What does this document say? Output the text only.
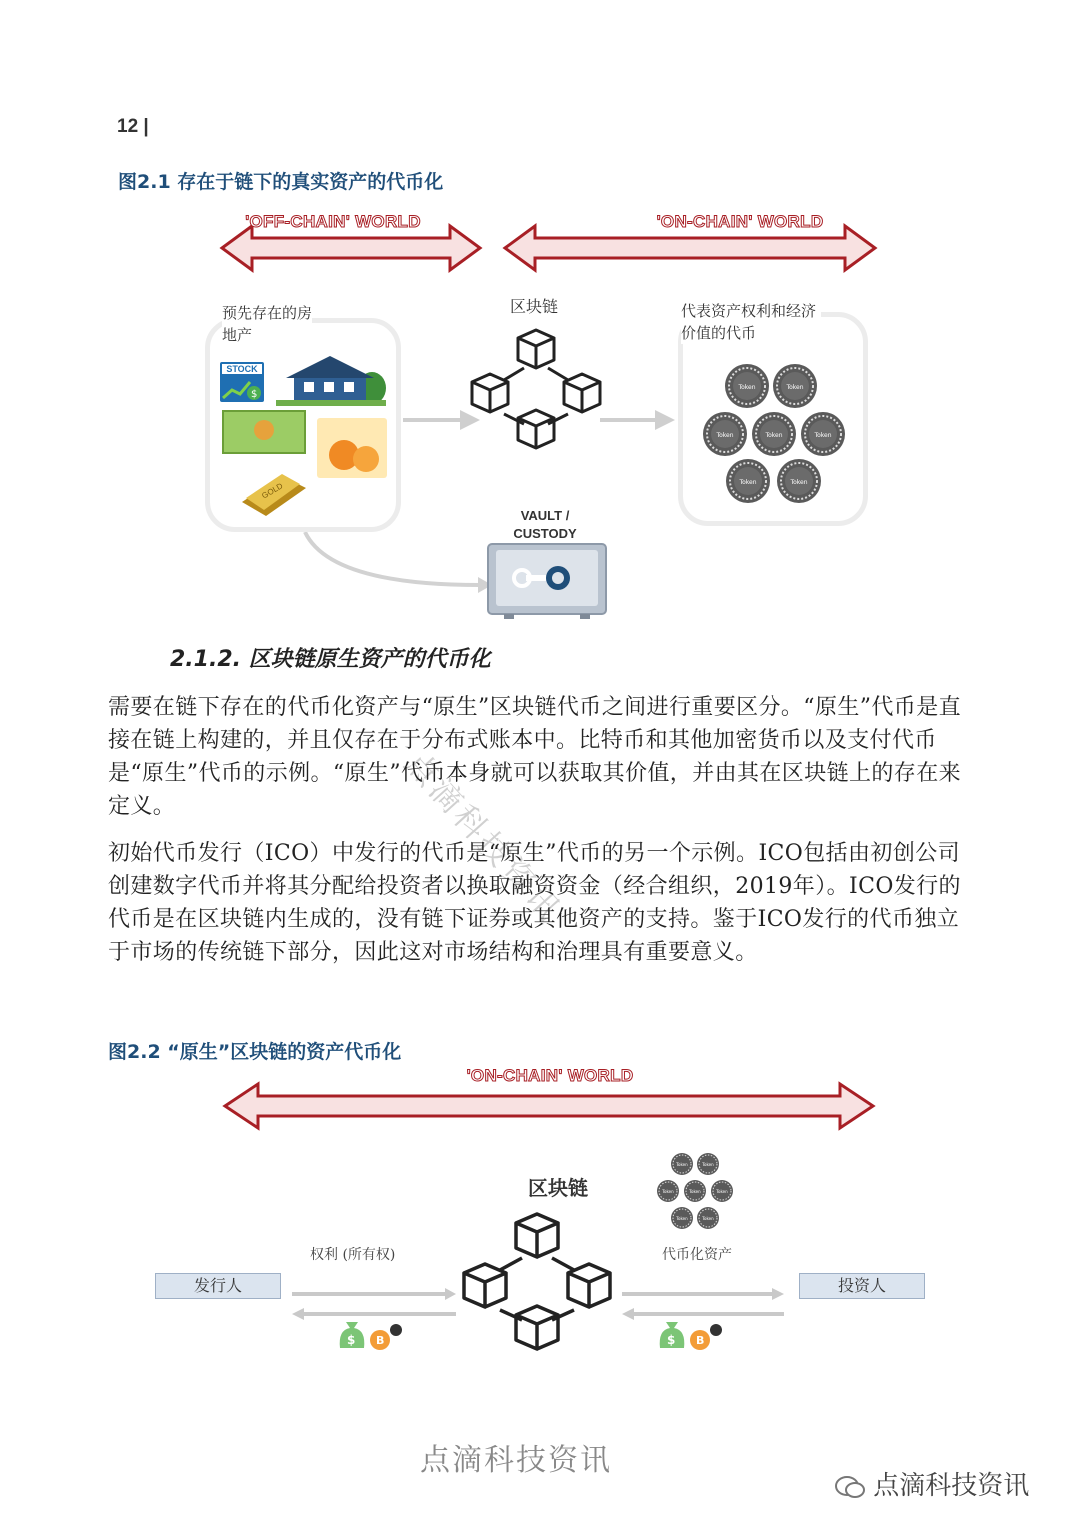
12 |
图2.1 存在于链下的真实资产的代币化
'OFF-CHAIN' WORLD	'ON-CHAIN' WORLD
预先存在的房地产
STOCK
$
GOLD
区块链	代表资产权利和经济价值的代币
Token	Token
Token	Token	Token
Token	Token
VAULT /
CUSTODY
2.1.2. 区块链原生资产的代币化
点滴科技资讯

需要在链下存在的代币化资产与“原生”区块链代币之间进行重要区分。“原生”代币是直接在链上构建的，并且仅存在于分布式账本中。比特币和其他加密货币以及支付代币是“原生”代币的示例。“原生”代币本身就可以获取其价值，并由其在区块链上的存在来定义。

初始代币发行（ICO）中发行的代币是“原生”代币的另一个示例。ICO包括由初创公司创建数字代币并将其分配给投资者以换取融资资金（经合组织，2019年）。ICO发行的代币是在区块链内生成的，没有链下证券或其他资产的支持。鉴于ICO发行的代币独立于市场的传统链下部分，因此这对市场结构和治理具有重要意义。

图2.2 “原生”区块链的资产代币化
'ON-CHAIN' WORLD
区块链
Token	Token
Token	Token	Token
Token	Token
权利 (所有权)	代币化资产
发行人	投资人
$ B	$ B
点滴科技资讯
点滴科技资讯
